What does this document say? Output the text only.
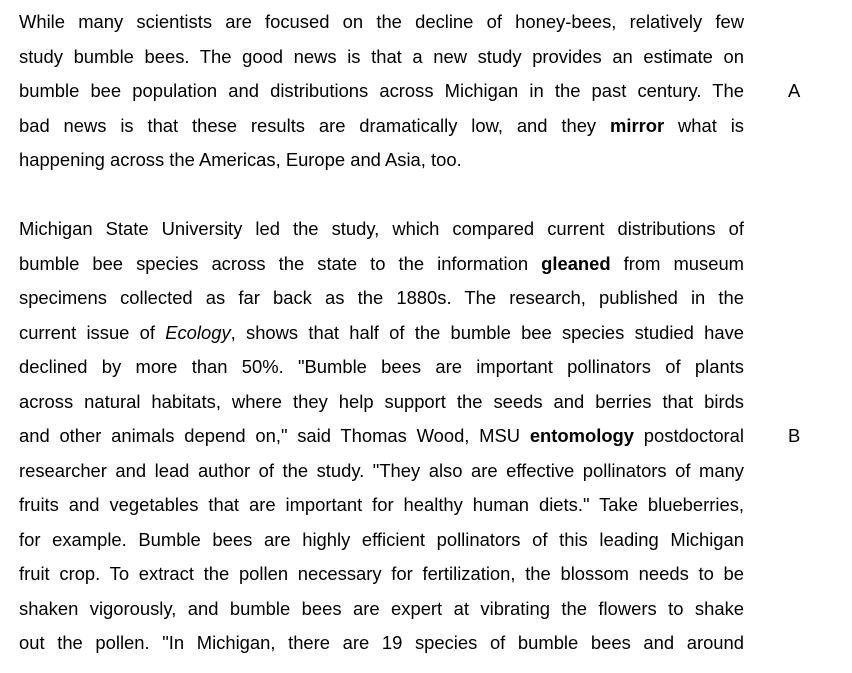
While many scientists are focused on the decline of honey-bees, relatively few
study bumble bees. The good news is that a new study provides an estimate on
bumble bee population and distributions across Michigan in the past century. The
bad news is that these results are dramatically low, and they mirror what is
happening across the Americas, Europe and Asia, too.
A
Michigan State University led the study, which compared current distributions of
bumble bee species across the state to the information gleaned from museum
specimens collected as far back as the 1880s. The research, published in the
current issue of Ecology, shows that half of the bumble bee species studied have
declined by more than 50%. "Bumble bees are important pollinators of plants
across natural habitats, where they help support the seeds and berries that birds
and other animals depend on," said Thomas Wood, MSU entomology postdoctoral
researcher and lead author of the study. "They also are effective pollinators of many
fruits and vegetables that are important for healthy human diets." Take blueberries,
for example. Bumble bees are highly efficient pollinators of this leading Michigan
fruit crop. To extract the pollen necessary for fertilization, the blossom needs to be
shaken vigorously, and bumble bees are expert at vibrating the flowers to shake
out the pollen. "In Michigan, there are 19 species of bumble bees and around
B
